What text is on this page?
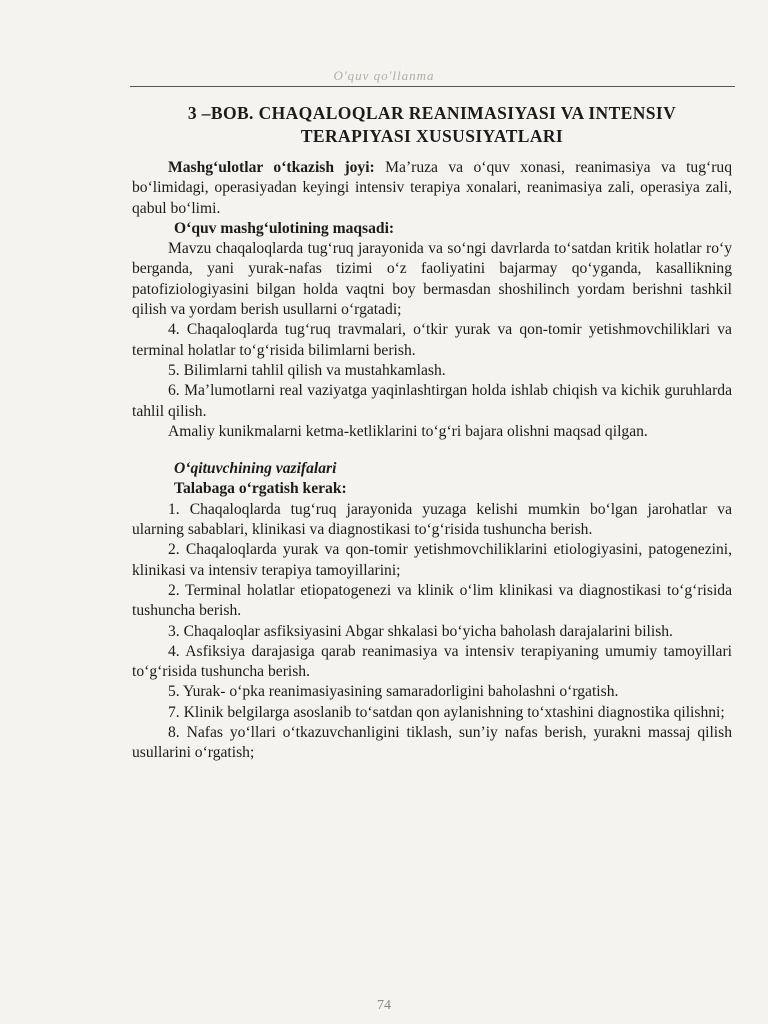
O'quv qo'llanma
3 –BOB. CHAQALOQLAR REANIMASIYASI VA INTENSIV
TERAPIYASI XUSUSIYATLARI

Mashg‘ulotlar o‘tkazish joyi: Ma’ruza va o‘quv xonasi, reanimasiya va tug‘ruq bo‘limidagi, operasiyadan keyingi intensiv terapiya xonalari, reanimasiya zali, operasiya zali, qabul bo‘limi.

O‘quv mashg‘ulotining maqsadi:

Mavzu chaqaloqlarda tug‘ruq jarayonida va so‘ngi davrlarda to‘satdan kritik holatlar ro‘y berganda, yani yurak-nafas tizimi o‘z faoliyatini bajarmay qo‘yganda, kasallikning patofiziologiyasini bilgan holda vaqtni boy bermasdan shoshilinch yordam berishni tashkil qilish va yordam berish usullarni o‘rgatadi;

4. Chaqaloqlarda tug‘ruq travmalari, o‘tkir yurak va qon-tomir yetishmovchiliklari va terminal holatlar to‘g‘risida bilimlarni berish.

5. Bilimlarni tahlil qilish va mustahkamlash.

6. Ma’lumotlarni real vaziyatga yaqinlashtirgan holda ishlab chiqish va kichik guruhlarda tahlil qilish.

Amaliy kunikmalarni ketma-ketliklarini to‘g‘ri bajara olishni maqsad qilgan.

O‘qituvchining vazifalari

Talabaga o‘rgatish kerak:

1. Chaqaloqlarda tug‘ruq jarayonida yuzaga kelishi mumkin bo‘lgan jarohatlar va ularning sabablari, klinikasi va diagnostikasi to‘g‘risida tushuncha berish.

2. Chaqaloqlarda yurak va qon-tomir yetishmovchiliklarini etiologiyasini, patogenezini, klinikasi va intensiv terapiya tamoyillarini;

2. Terminal holatlar etiopatogenezi va klinik o‘lim klinikasi va diagnostikasi to‘g‘risida tushuncha berish.

3. Chaqaloqlar asfiksiyasini Abgar shkalasi bo‘yicha baholash darajalarini bilish.

4. Asfiksiya darajasiga qarab reanimasiya va intensiv terapiyaning umumiy tamoyillari to‘g‘risida tushuncha berish.

5. Yurak- o‘pka reanimasiyasining samaradorligini baholashni o‘rgatish.

7. Klinik belgilarga asoslanib to‘satdan qon aylanishning to‘xtashini diagnostika qilishni;

8. Nafas yo‘llari o‘tkazuvchanligini tiklash, sun’iy nafas berish, yurakni massaj qilish usullarini o‘rgatish;

74
